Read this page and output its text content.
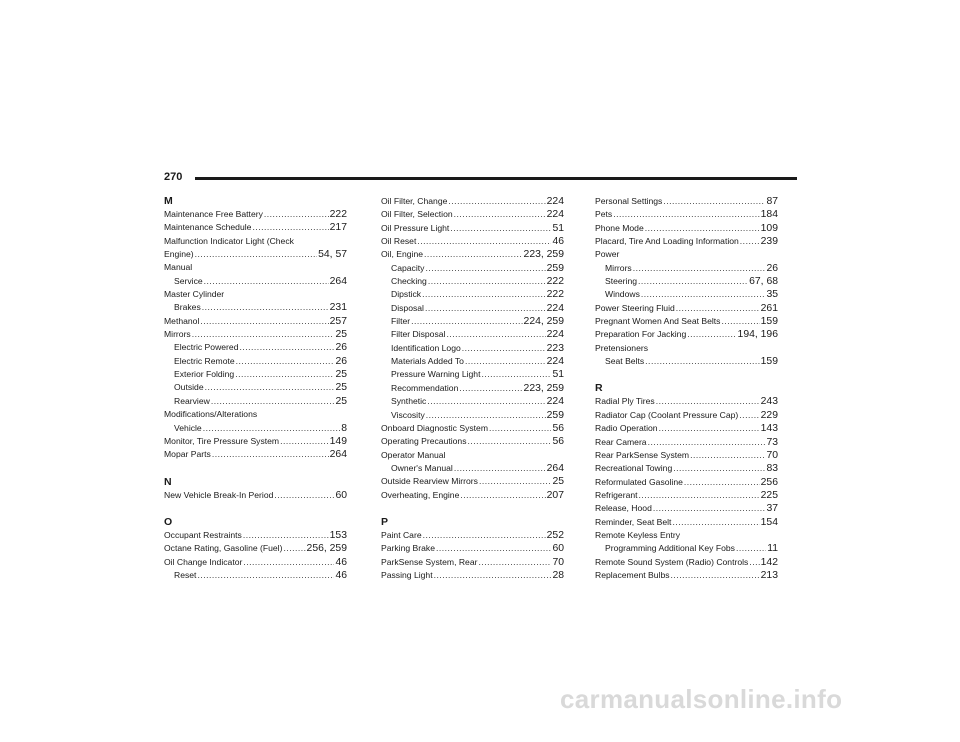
270
M
Maintenance Free Battery .....	222
Maintenance Schedule .....	217
Malfunction Indicator Light (Check
Engine) .....	54, 57
Manual
Service .....	264
Master Cylinder
Brakes .....	231
Methanol .....	257
Mirrors .....	25
Electric Powered .....	26
Electric Remote .....	26
Exterior Folding .....	25
Outside .....	25
Rearview .....	25
Modifications/Alterations
Vehicle .....	8
Monitor, Tire Pressure System .....	149
Mopar Parts .....	264
N
New Vehicle Break-In Period .....	60
O
Occupant Restraints .....	153
Octane Rating, Gasoline (Fuel) ..... 256, 259
Oil Change Indicator .....	46
Reset .....	46
Oil Filter, Change .....	224
Oil Filter, Selection .....	224
Oil Pressure Light .....	51
Oil Reset .....	46
Oil, Engine .....	223, 259
Capacity .....	259
Checking .....	222
Dipstick .....	222
Disposal .....	224
Filter .....	224, 259
Filter Disposal .....	224
Identification Logo .....	223
Materials Added To .....	224
Pressure Warning Light .....	51
Recommendation .....	223, 259
Synthetic .....	224
Viscosity .....	259
Onboard Diagnostic System .....	56
Operating Precautions .....	56
Operator Manual
Owner's Manual .....	264
Outside Rearview Mirrors .....	25
Overheating, Engine .....	207
P
Paint Care .....	252
Parking Brake .....	60
ParkSense System, Rear .....	70
Passing Light .....	28
Personal Settings .....	87
Pets .....	184
Phone Mode .....	109
Placard, Tire And Loading Information ..... 239
Power
Mirrors .....	26
Steering .....	67, 68
Windows .....	35
Power Steering Fluid .....	261
Pregnant Women And Seat Belts .....	159
Preparation For Jacking .....	194, 196
Pretensioners
Seat Belts .....	159
R
Radial Ply Tires .....	243
Radiator Cap (Coolant Pressure Cap) ..... 229
Radio Operation .....	143
Rear Camera .....	73
Rear ParkSense System .....	70
Recreational Towing .....	83
Reformulated Gasoline .....	256
Refrigerant .....	225
Release, Hood .....	37
Reminder, Seat Belt .....	154
Remote Keyless Entry
Programming Additional Key Fobs .....	11
Remote Sound System (Radio) Controls ..... 142
Replacement Bulbs .....	213
carmanualsonline.info
